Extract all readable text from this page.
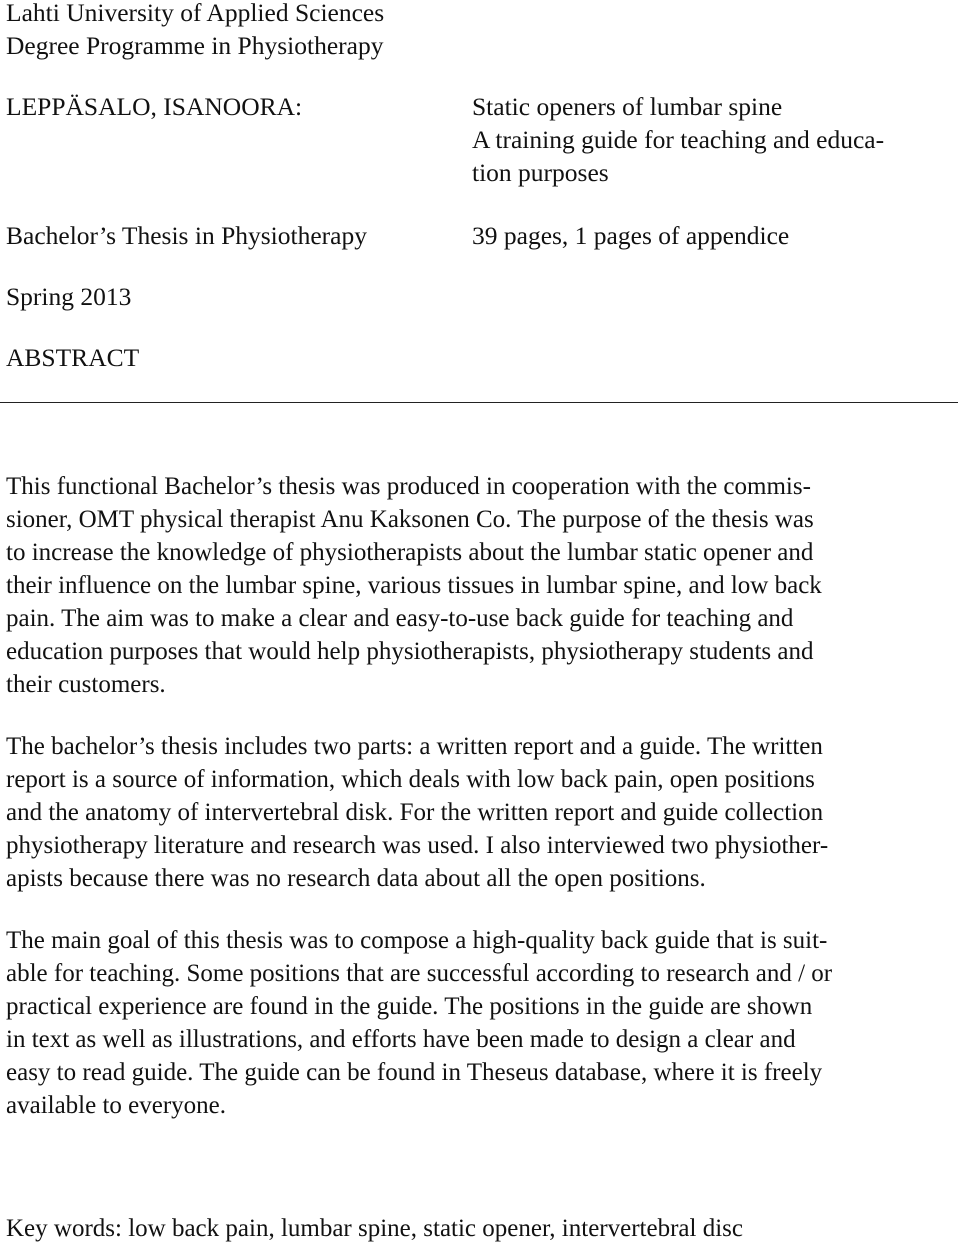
Lahti University of Applied Sciences

Degree Programme in Physiotherapy

LEPPÄSALO, ISANOORA:	Static openers of lumbar spine

A training guide for teaching and educa-

tion purposes

Bachelor’s Thesis in Physiotherapy	39 pages, 1 pages of appendice

Spring 2013

ABSTRACT

This functional Bachelor’s thesis was produced in cooperation with the commis-

sioner, OMT physical therapist Anu Kaksonen Co. The purpose of the thesis was

to increase the knowledge of physiotherapists about the lumbar static opener and

their influence on the lumbar spine, various tissues in lumbar spine, and low back

pain. The aim was to make a clear and easy-to-use back guide for teaching and

education purposes that would help physiotherapists, physiotherapy students and

their customers.

The bachelor’s thesis includes two parts: a written report and a guide. The written

report is a source of information, which deals with low back pain, open positions

and the anatomy of intervertebral disk. For the written report and guide collection

physiotherapy literature and research was used. I also interviewed two physiother-

apists because there was no research data about all the open positions.

The main goal of this thesis was to compose a high-quality back guide that is suit-

able for teaching. Some positions that are successful according to research and / or

practical experience are found in the guide. The positions in the guide are shown

in text as well as illustrations, and efforts have been made to design a clear and

easy to read guide. The guide can be found in Theseus database, where it is freely

available to everyone.

Key words: low back pain, lumbar spine, static opener, intervertebral disc
